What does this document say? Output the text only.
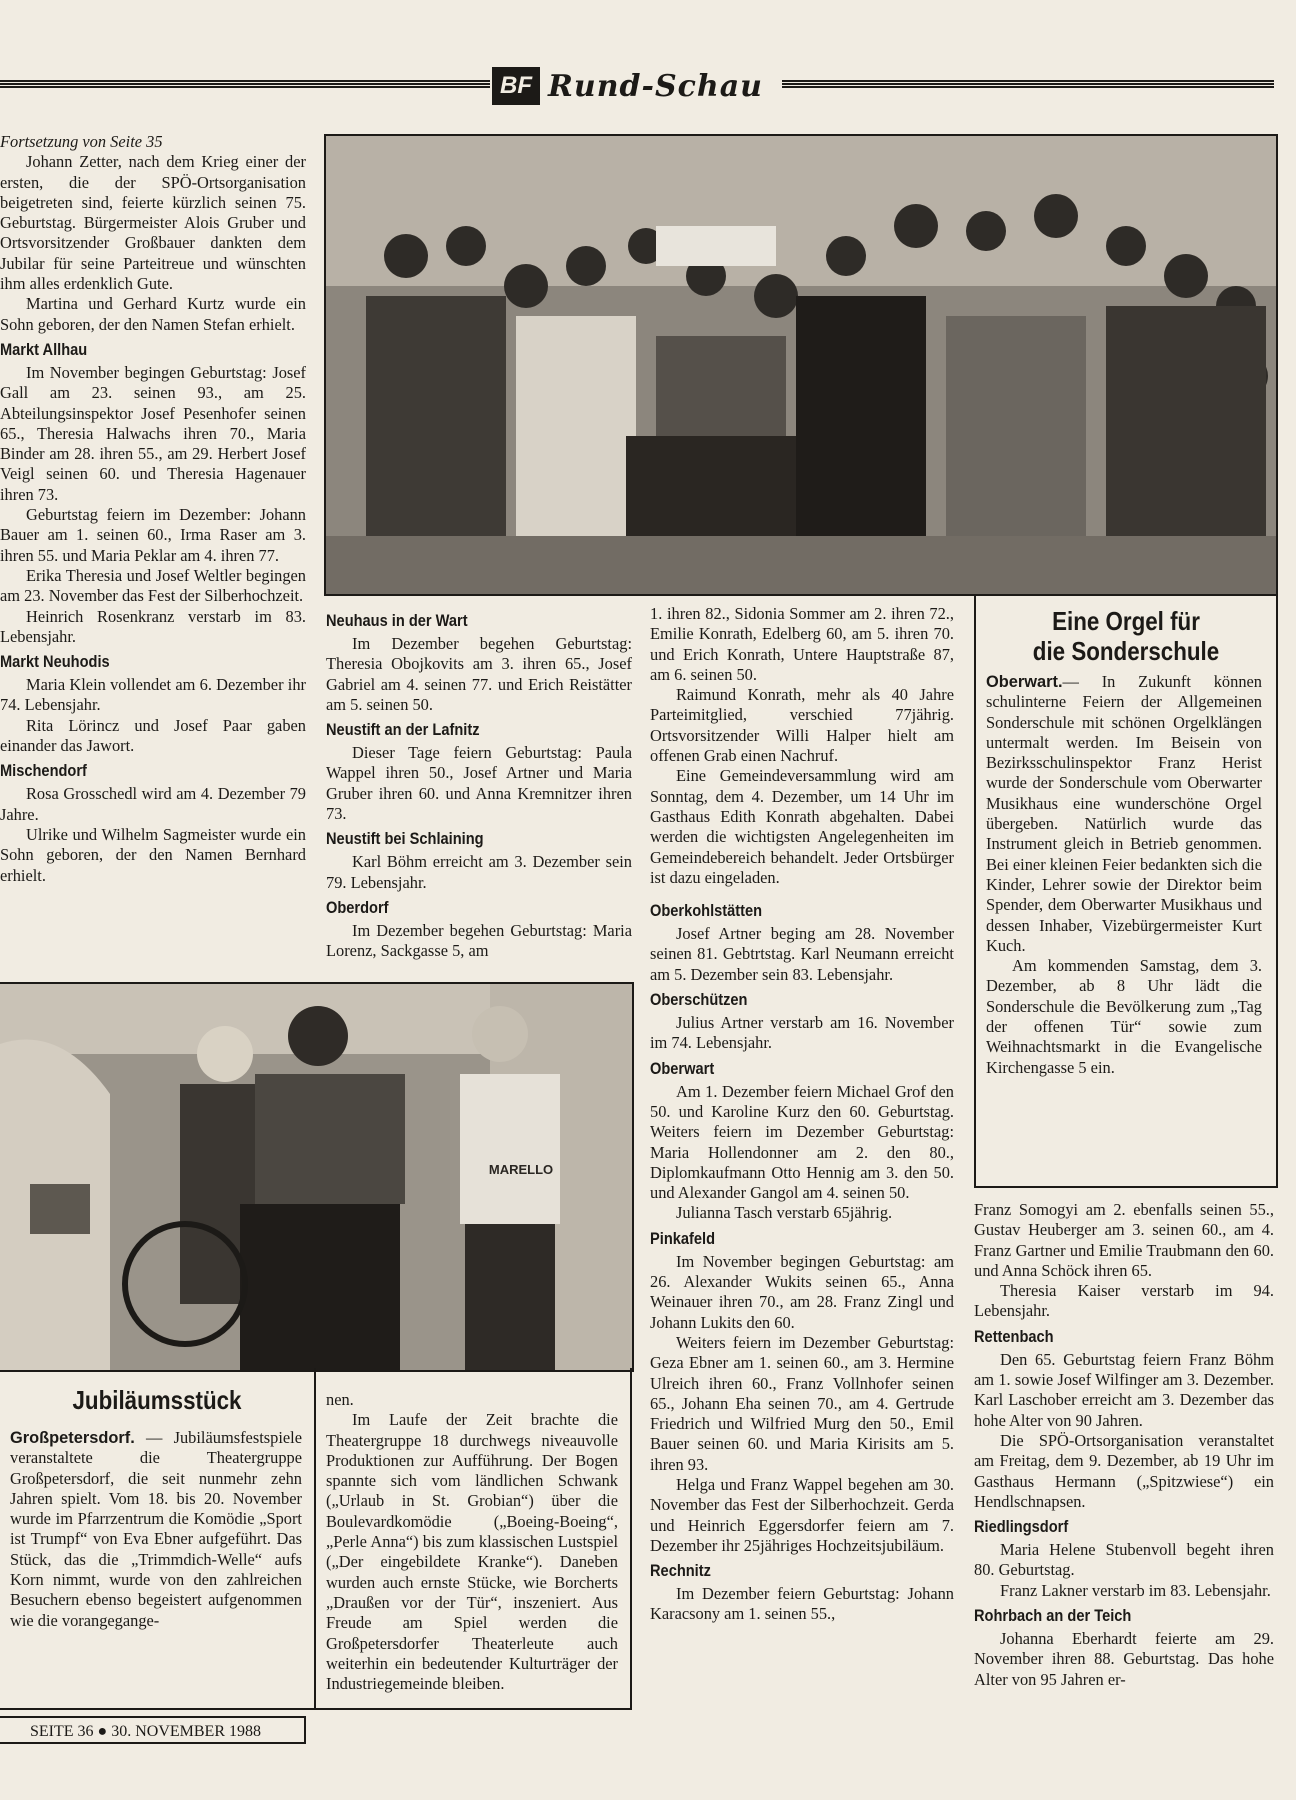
BF Rund-Schau

Fortsetzung von Seite 35

Johann Zetter, nach dem Krieg einer der ersten, die der SPÖ-Ortsorganisation beigetreten sind, feierte kürzlich seinen 75. Geburtstag. Bürgermeister Alois Gruber und Ortsvorsitzender Großbauer dankten dem Jubilar für seine Parteitreue und wünschten ihm alles erdenklich Gute.

Martina und Gerhard Kurtz wurde ein Sohn geboren, der den Namen Stefan erhielt.

Markt Allhau

Im November begingen Geburtstag: Josef Gall am 23. seinen 93., am 25. Abteilungsinspektor Josef Pesenhofer seinen 65., Theresia Halwachs ihren 70., Maria Binder am 28. ihren 55., am 29. Herbert Josef Veigl seinen 60. und Theresia Hagenauer ihren 73.

Geburtstag feiern im Dezember: Johann Bauer am 1. seinen 60., Irma Raser am 3. ihren 55. und Maria Peklar am 4. ihren 77.

Erika Theresia und Josef Weltler begingen am 23. November das Fest der Silberhochzeit.

Heinrich Rosenkranz verstarb im 83. Lebensjahr.

Markt Neuhodis

Maria Klein vollendet am 6. Dezember ihr 74. Lebensjahr.

Rita Lörincz und Josef Paar gaben einander das Jawort.

Mischendorf

Rosa Grosschedl wird am 4. Dezember 79 Jahre.

Ulrike und Wilhelm Sagmeister wurde ein Sohn geboren, der den Namen Bernhard erhielt.

Neuhaus in der Wart

Im Dezember begehen Geburtstag: Theresia Obojkovits am 3. ihren 65., Josef Gabriel am 4. seinen 77. und Erich Reistätter am 5. seinen 50.

Neustift an der Lafnitz

Dieser Tage feiern Geburtstag: Paula Wappel ihren 50., Josef Artner und Maria Gruber ihren 60. und Anna Kremnitzer ihren 73.

Neustift bei Schlaining

Karl Böhm erreicht am 3. Dezember sein 79. Lebensjahr.

Oberdorf

Im Dezember begehen Geburtstag: Maria Lorenz, Sackgasse 5, am

1. ihren 82., Sidonia Sommer am 2. ihren 72., Emilie Konrath, Edelberg 60, am 5. ihren 70. und Erich Konrath, Untere Hauptstraße 87, am 6. seinen 50.

Raimund Konrath, mehr als 40 Jahre Parteimitglied, verschied 77jährig. Ortsvorsitzender Willi Halper hielt am offenen Grab einen Nachruf.

Eine Gemeindeversammlung wird am Sonntag, dem 4. Dezember, um 14 Uhr im Gasthaus Edith Konrath abgehalten. Dabei werden die wichtigsten Angelegenheiten im Gemeindebereich behandelt. Jeder Ortsbürger ist dazu eingeladen.

Oberkohlstätten

Josef Artner beging am 28. November seinen 81. Gebtrtstag. Karl Neumann erreicht am 5. Dezember sein 83. Lebensjahr.

Oberschützen

Julius Artner verstarb am 16. November im 74. Lebensjahr.

Oberwart

Am 1. Dezember feiern Michael Grof den 50. und Karoline Kurz den 60. Geburtstag. Weiters feiern im Dezember Geburtstag: Maria Hollendonner am 2. den 80., Diplomkaufmann Otto Hennig am 3. den 50. und Alexander Gangol am 4. seinen 50.

Julianna Tasch verstarb 65jährig.

Pinkafeld

Im November begingen Geburtstag: am 26. Alexander Wukits seinen 65., Anna Weinauer ihren 70., am 28. Franz Zingl und Johann Lukits den 60.

Weiters feiern im Dezember Geburtstag: Geza Ebner am 1. seinen 60., am 3. Hermine Ulreich ihren 60., Franz Vollnhofer seinen 65., Johann Eha seinen 70., am 4. Gertrude Friedrich und Wilfried Murg den 50., Emil Bauer seinen 60. und Maria Kirisits am 5. ihren 93.

Helga und Franz Wappel begehen am 30. November das Fest der Silberhochzeit. Gerda und Heinrich Eggersdorfer feiern am 7. Dezember ihr 25jähriges Hochzeitsjubiläum.

Rechnitz

Im Dezember feiern Geburtstag: Johann Karacsony am 1. seinen 55.,

Eine Orgel für
die Sonderschule

Oberwart.— In Zukunft können schulinterne Feiern der Allgemeinen Sonderschule mit schönen Orgelklängen untermalt werden. Im Beisein von Bezirksschulinspektor Franz Herist wurde der Sonderschule vom Oberwarter Musikhaus eine wunderschöne Orgel übergeben. Natürlich wurde das Instrument gleich in Betrieb genommen. Bei einer kleinen Feier bedankten sich die Kinder, Lehrer sowie der Direktor beim Spender, dem Oberwarter Musikhaus und dessen Inhaber, Vizebürgermeister Kurt Kuch.

Am kommenden Samstag, dem 3. Dezember, ab 8 Uhr lädt die Sonderschule die Bevölkerung zum „Tag der offenen Tür“ sowie zum Weihnachtsmarkt in die Evangelische Kirchengasse 5 ein.

Franz Somogyi am 2. ebenfalls seinen 55., Gustav Heuberger am 3. seinen 60., am 4. Franz Gartner und Emilie Traubmann den 60. und Anna Schöck ihren 65.

Theresia Kaiser verstarb im 94. Lebensjahr.

Rettenbach

Den 65. Geburtstag feiern Franz Böhm am 1. sowie Josef Wilfinger am 3. Dezember. Karl Laschober erreicht am 3. Dezember das hohe Alter von 90 Jahren.

Die SPÖ-Ortsorganisation veranstaltet am Freitag, dem 9. Dezember, ab 19 Uhr im Gasthaus Hermann („Spitzwiese“) ein Hendlschnapsen.

Riedlingsdorf

Maria Helene Stubenvoll begeht ihren 80. Geburtstag.

Franz Lakner verstarb im 83. Lebensjahr.

Rohrbach an der Teich

Johanna Eberhardt feierte am 29. November ihren 88. Geburtstag. Das hohe Alter von 95 Jahren er-

MARELLO
Jubiläumsstück

Großpetersdorf. — Jubiläumsfestspiele veranstaltete die Theatergruppe Großpetersdorf, die seit nunmehr zehn Jahren spielt. Vom 18. bis 20. November wurde im Pfarrzentrum die Komödie „Sport ist Trumpf“ von Eva Ebner aufgeführt. Das Stück, das die „Trimmdich-Welle“ aufs Korn nimmt, wurde von den zahlreichen Besuchern ebenso begeistert aufgenommen wie die vorangegange-

nen.

Im Laufe der Zeit brachte die Theatergruppe 18 durchwegs niveauvolle Produktionen zur Aufführung. Der Bogen spannte sich vom ländlichen Schwank („Urlaub in St. Grobian“) über die Boulevardkomödie („Boeing-Boeing“, „Perle Anna“) bis zum klassischen Lustspiel („Der eingebildete Kranke“). Daneben wurden auch ernste Stücke, wie Borcherts „Draußen vor der Tür“, inszeniert. Aus Freude am Spiel werden die Großpetersdorfer Theaterleute auch weiterhin ein bedeutender Kulturträger der Industriegemeinde bleiben.

SEITE 36 ● 30. NOVEMBER 1988
